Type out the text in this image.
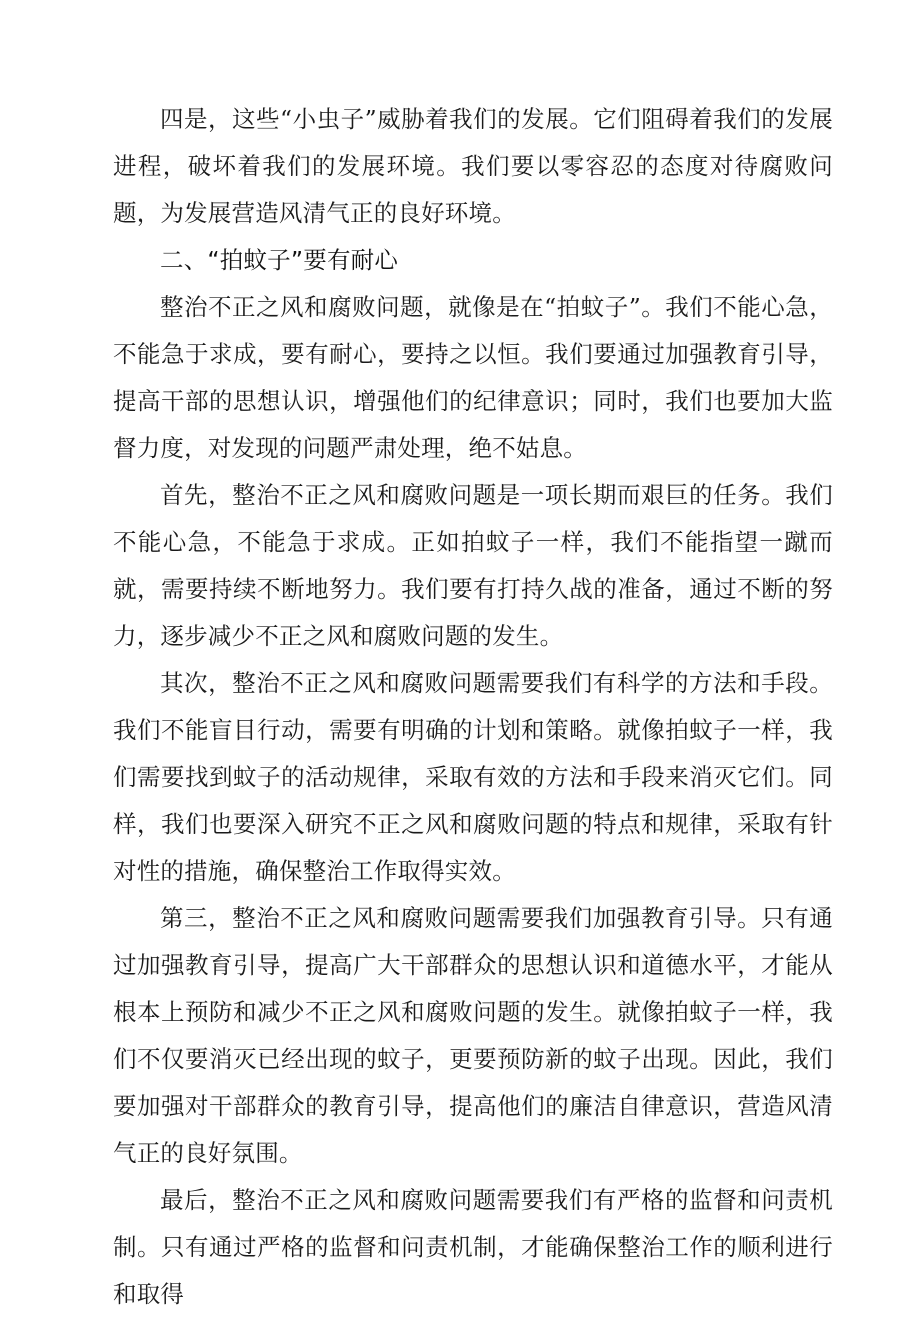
四是，这些“小虫子”威胁着我们的发展。它们阻碍着我们的发展进程，破坏着我们的发展环境。我们要以零容忍的态度对待腐败问题，为发展营造风清气正的良好环境。

二、“拍蚊子”要有耐心

整治不正之风和腐败问题，就像是在“拍蚊子”。我们不能心急，不能急于求成，要有耐心，要持之以恒。我们要通过加强教育引导，提高干部的思想认识，增强他们的纪律意识；同时，我们也要加大监督力度，对发现的问题严肃处理，绝不姑息。

首先，整治不正之风和腐败问题是一项长期而艰巨的任务。我们不能心急，不能急于求成。正如拍蚊子一样，我们不能指望一蹴而就，需要持续不断地努力。我们要有打持久战的准备，通过不断的努力，逐步减少不正之风和腐败问题的发生。

其次，整治不正之风和腐败问题需要我们有科学的方法和手段。我们不能盲目行动，需要有明确的计划和策略。就像拍蚊子一样，我们需要找到蚊子的活动规律，采取有效的方法和手段来消灭它们。同样，我们也要深入研究不正之风和腐败问题的特点和规律，采取有针对性的措施，确保整治工作取得实效。

第三，整治不正之风和腐败问题需要我们加强教育引导。只有通过加强教育引导，提高广大干部群众的思想认识和道德水平，才能从根本上预防和减少不正之风和腐败问题的发生。就像拍蚊子一样，我们不仅要消灭已经出现的蚊子，更要预防新的蚊子出现。因此，我们要加强对干部群众的教育引导，提高他们的廉洁自律意识，营造风清气正的良好氛围。

最后，整治不正之风和腐败问题需要我们有严格的监督和问责机制。只有通过严格的监督和问责机制，才能确保整治工作的顺利进行和取得
